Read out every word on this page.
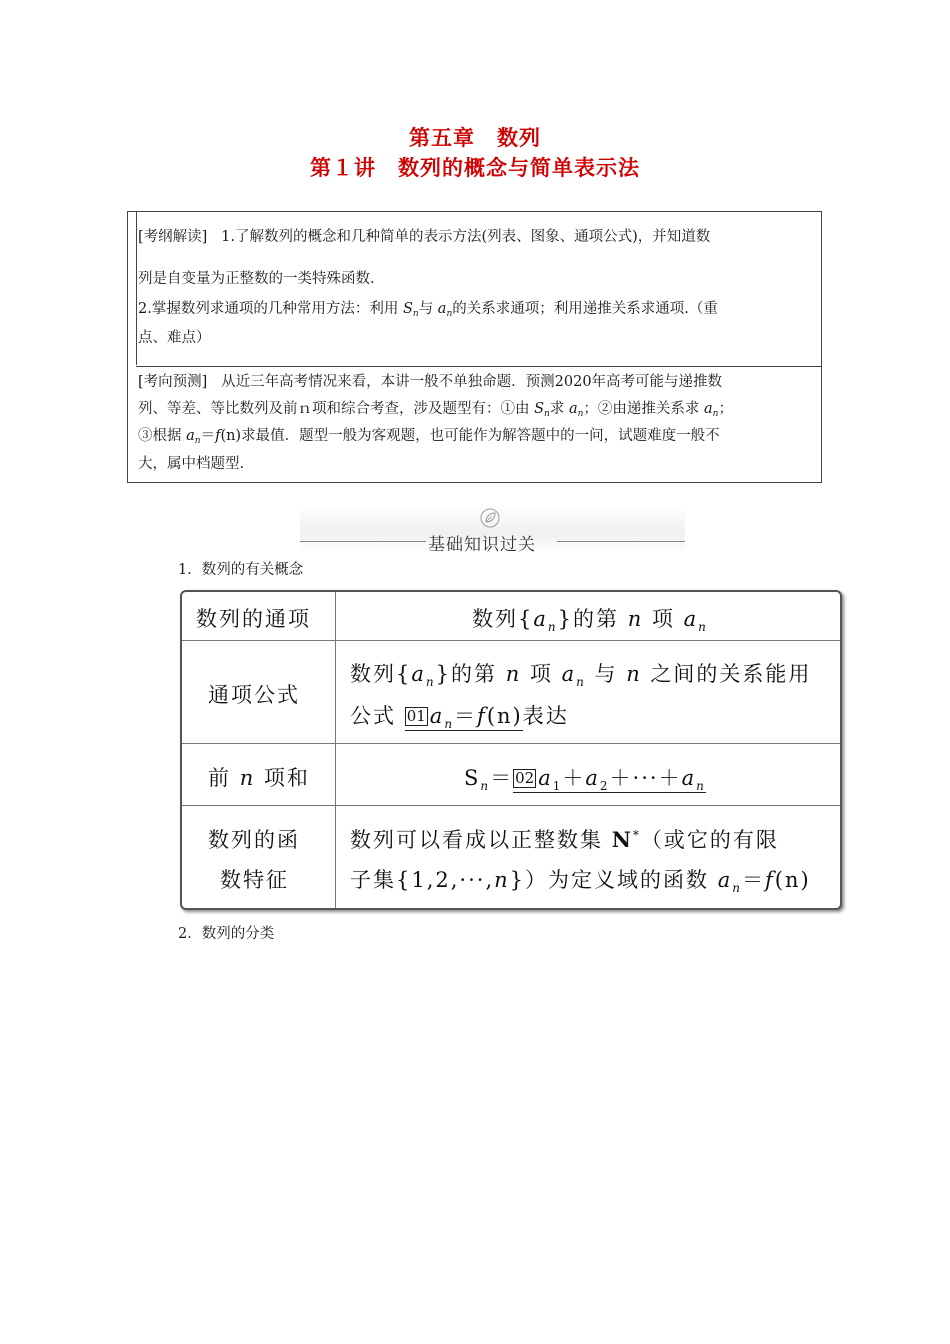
第五章　数列
第１讲　数列的概念与简单表示法
[考纲解读] 1.了解数列的概念和几种简单的表示方法(列表、图象、通项公式)，并知道数
列是自变量为正整数的一类特殊函数.
2.掌握数列求通项的几种常用方法：利用 $S_n$与 $a_n$的关系求通项；利用递推关系求通项.（重
点、难点）
[考向预测] 从近三年高考情况来看，本讲一般不单独命题．预测2020年高考可能与递推数
列、等差、等比数列及前ｎ项和综合考查，涉及题型有：①由 $S_n$求 $a_n$；②由递推关系求 $a_n$；
③根据 $a_n=f(n)$求最值．题型一般为客观题，也可能作为解答题中的一问，试题难度一般不
大，属中档题型.
基础知识过关
1．数列的有关概念
数列的通项	数列$\{a_n\}$的第 n 项 $a_n$
通项公式
数列$\{a_n\}$的第 n 项 $a_n$ 与 n 之间的关系能用
公式 01 $a_n=f(n)$表达
前 n 项和	$S_n= 02$ $a_1+a_2+\cdot\cdot\cdot+a_n$
数列的函
数特征
数列可以看成以正整数集 N*（或它的有限
子集{1,2,···,n}）为定义域的函数 $a_n=f(n)$
2．数列的分类
